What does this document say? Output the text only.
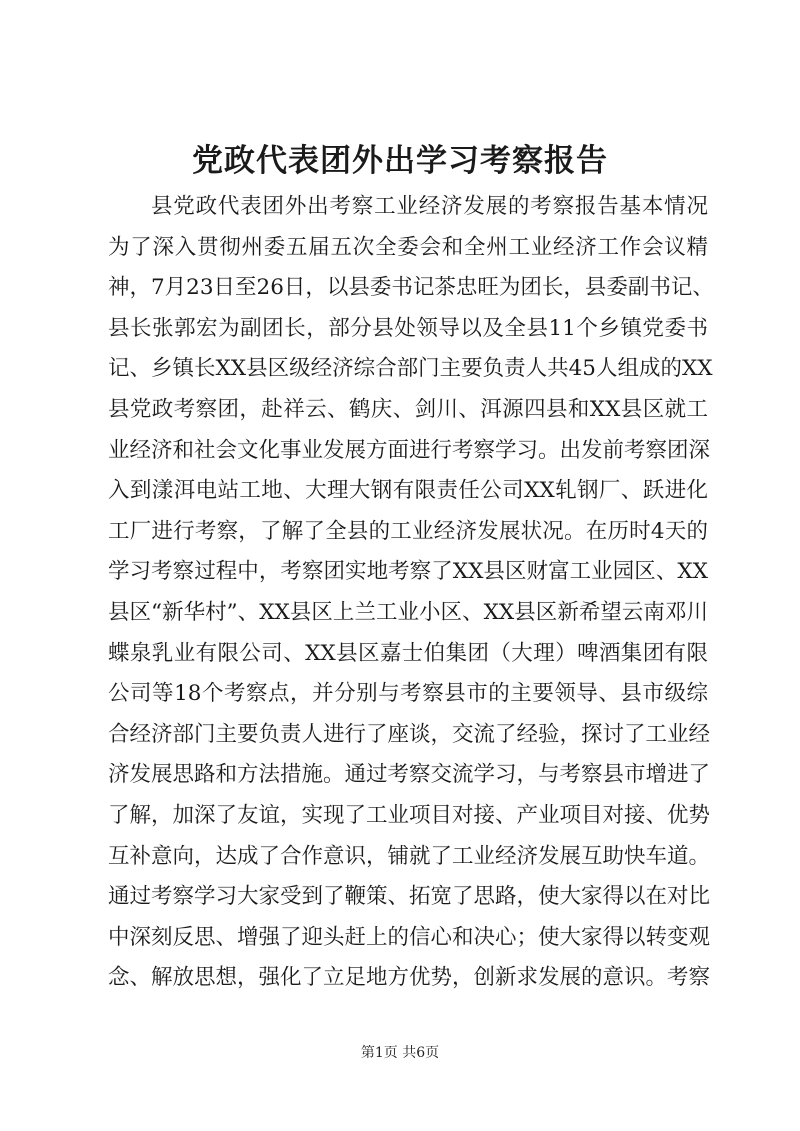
党政代表团外出学习考察报告
县党政代表团外出考察工业经济发展的考察报告基本情况
为了深入贯彻州委五届五次全委会和全州工业经济工作会议精
神，7月23日至26日，以县委书记茶忠旺为团长，县委副书记、
县长张郭宏为副团长，部分县处领导以及全县11个乡镇党委书
记、乡镇长XX县区级经济综合部门主要负责人共45人组成的XX
县党政考察团，赴祥云、鹤庆、剑川、洱源四县和XX县区就工
业经济和社会文化事业发展方面进行考察学习。出发前考察团深
入到漾洱电站工地、大理大钢有限责任公司XX轧钢厂、跃进化
工厂进行考察，了解了全县的工业经济发展状况。在历时4天的
学习考察过程中，考察团实地考察了XX县区财富工业园区、XX
县区“新华村”、XX县区上兰工业小区、XX县区新希望云南邓川
蝶泉乳业有限公司、XX县区嘉士伯集团（大理）啤酒集团有限
公司等18个考察点，并分别与考察县市的主要领导、县市级综
合经济部门主要负责人进行了座谈，交流了经验，探讨了工业经
济发展思路和方法措施。通过考察交流学习，与考察县市增进了
了解，加深了友谊，实现了工业项目对接、产业项目对接、优势
互补意向，达成了合作意识，铺就了工业经济发展互助快车道。
通过考察学习大家受到了鞭策、拓宽了思路，使大家得以在对比
中深刻反思、增强了迎头赶上的信心和决心；使大家得以转变观
念、解放思想，强化了立足地方优势，创新求发展的意识。考察
第1页 共6页
